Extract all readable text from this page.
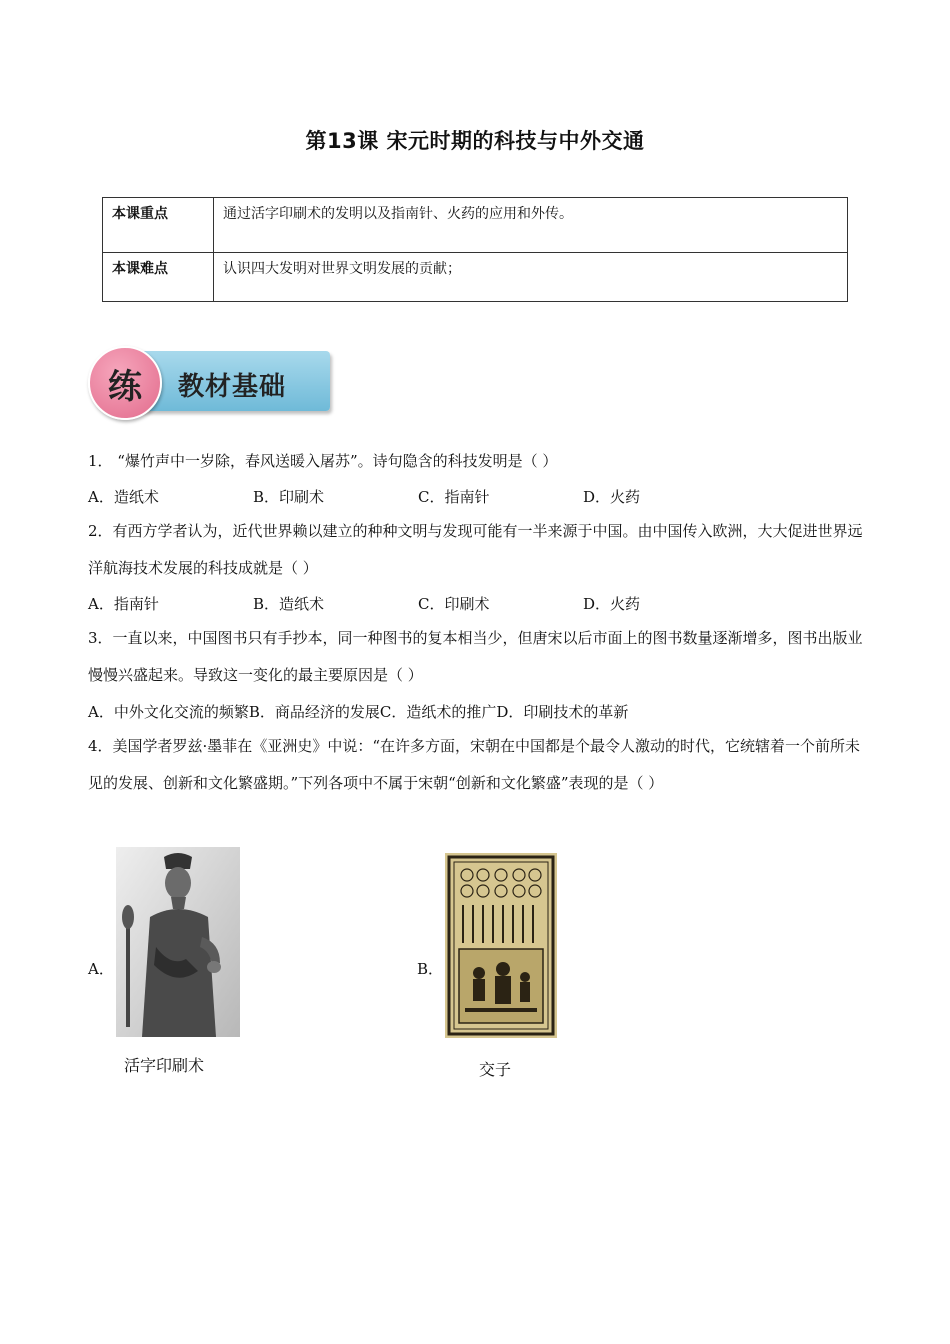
第13课 宋元时期的科技与中外交通
本课重点	通过活字印刷术的发明以及指南针、火药的应用和外传。
本课难点	认识四大发明对世界文明发展的贡献；
练	教材基础
1． “爆竹声中一岁除，春风送暖入屠苏”。诗句隐含的科技发明是（ ）
A．造纸术	B．印刷术	C．指南针	D．火药
2．有西方学者认为，近代世界赖以建立的种种文明与发现可能有一半来源于中国。由中国传入欧洲，大大促进世界远洋航海技术发展的科技成就是（ ）
A．指南针	B．造纸术	C．印刷术	D．火药
3．一直以来，中国图书只有手抄本，同一种图书的复本相当少，但唐宋以后市面上的图书数量逐渐增多，图书出版业慢慢兴盛起来。导致这一变化的最主要原因是（ ）
A．中外文化交流的频繁B．商品经济的发展C．造纸术的推广D．印刷技术的革新
4．美国学者罗兹·墨菲在《亚洲史》中说：“在许多方面，宋朝在中国都是个最令人激动的时代，它统辖着一个前所未见的发展、创新和文化繁盛期。”下列各项中不属于宋朝“创新和文化繁盛”表现的是（ ）
A．
活字印刷术
B．
交子
